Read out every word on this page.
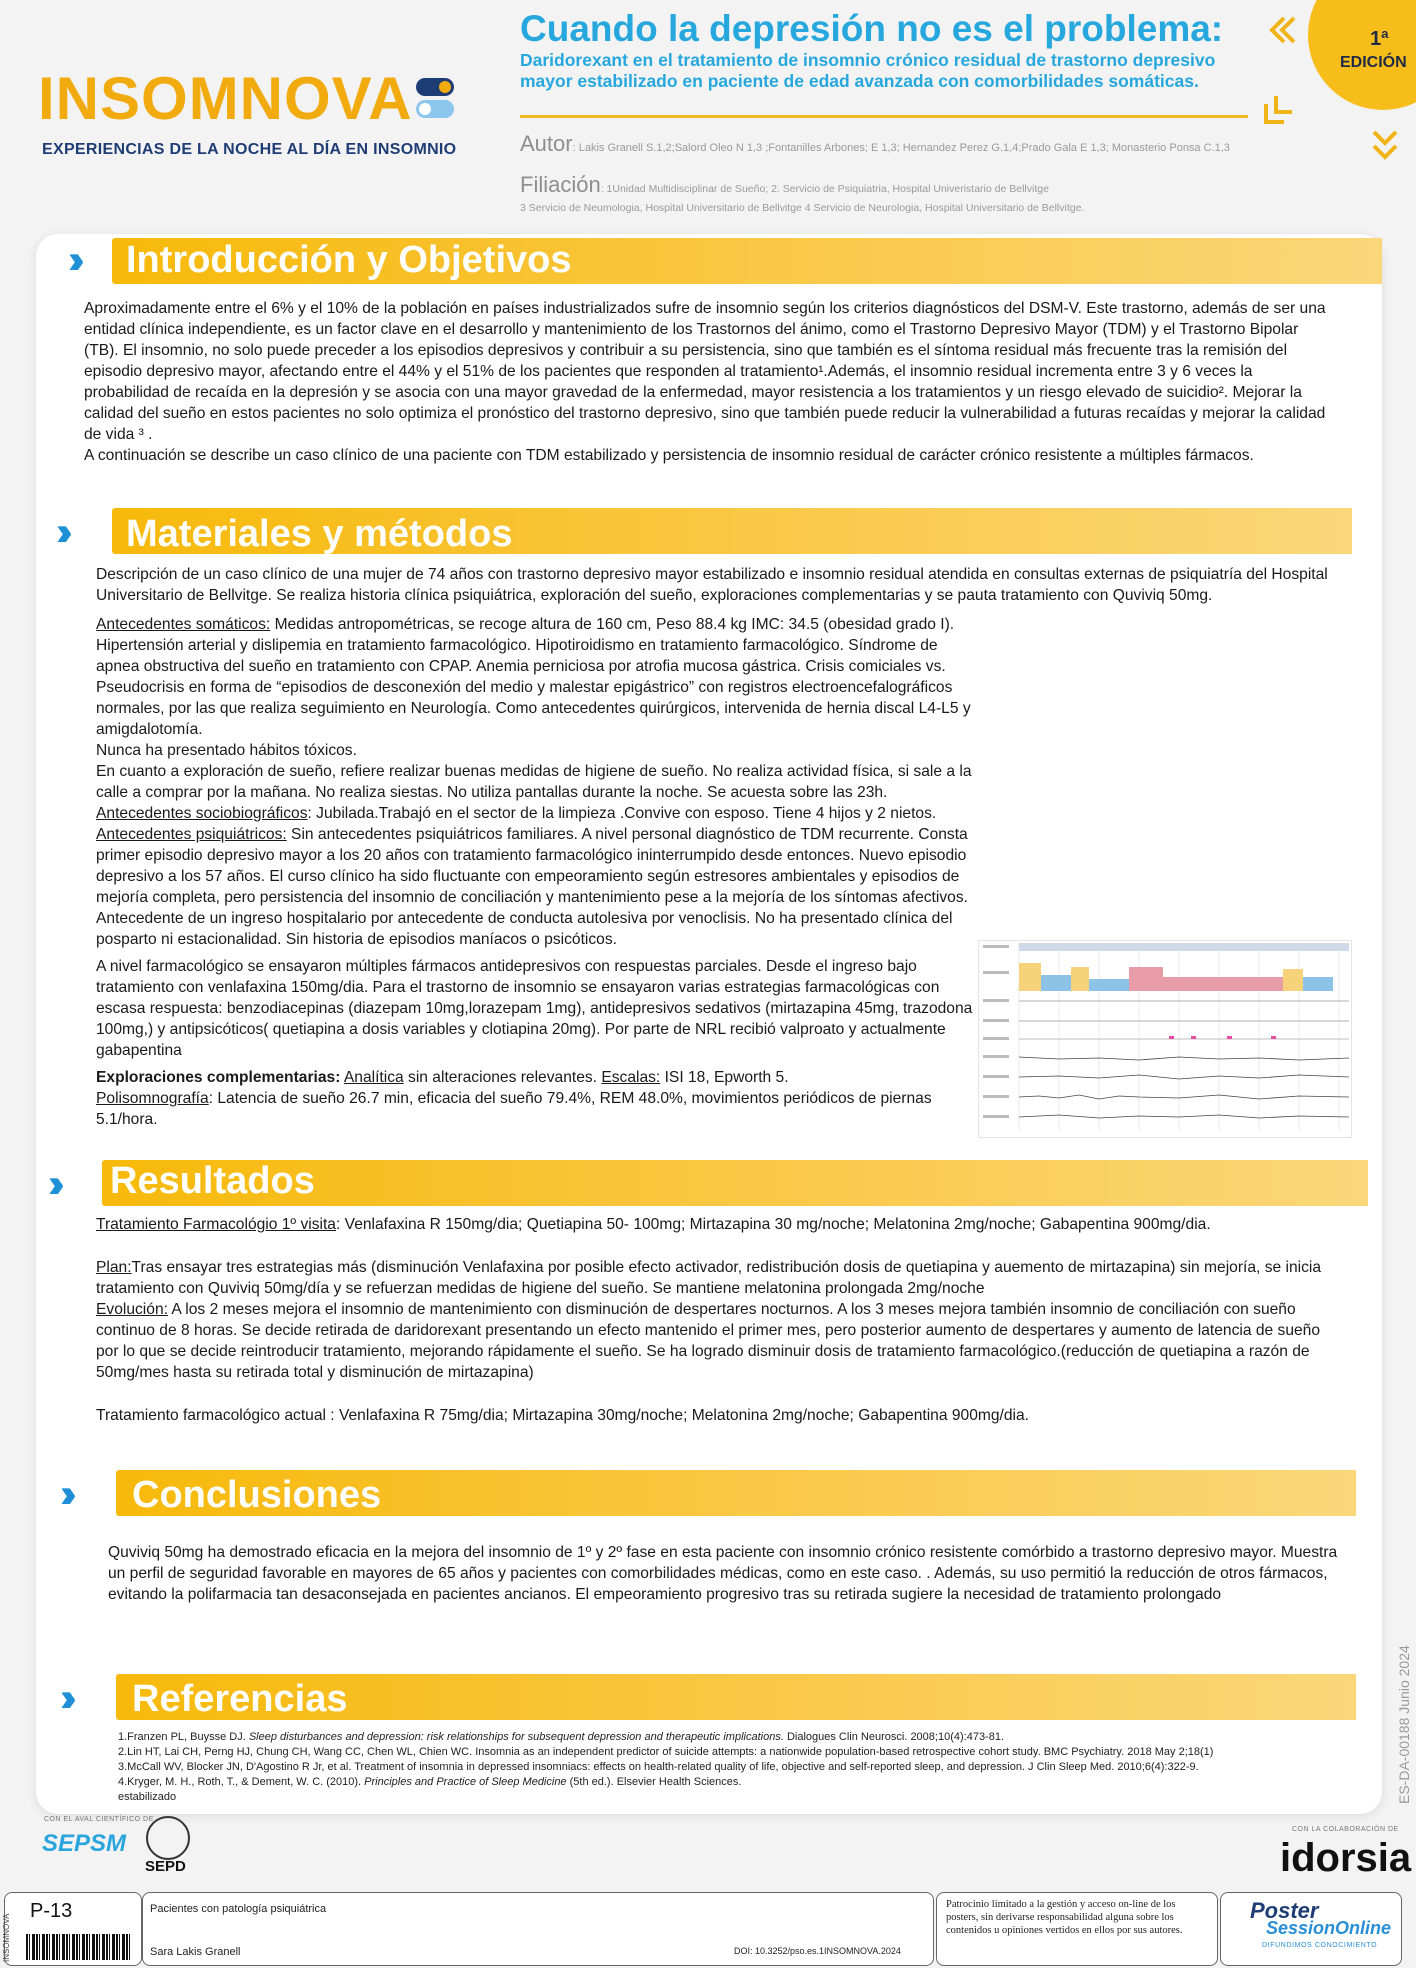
INSOMNOVA
EXPERIENCIAS DE LA NOCHE AL DÍA EN INSOMNIO
Cuando la depresión no es el problema:
Daridorexant en el tratamiento de insomnio crónico residual de trastorno depresivo mayor estabilizado en paciente de edad avanzada con comorbilidades somáticas.
Autor: Lakis Granell S.1,2;Salord Oleo N 1,3 ;Fontanilles Arbones; E 1,3; Hernandez Perez G.1,4;Prado Gala E 1,3; Monasterio Ponsa C.1,3
Filiación: 1Unidad Multidisciplinar de Sueño; 2. Servicio de Psiquiatria, Hospital Univeristario de Bellvitge
3 Servicio de Neumologia, Hospital Universitario de Bellvitge 4 Servicio de Neurologia, Hospital Universitario de Bellvitge.
1ª
EDICIÓN
›› Introducción y Objetivos

Aproximadamente entre el 6% y el 10% de la población en países industrializados sufre de insomnio según los criterios diagnósticos del DSM-V. Este trastorno, además de ser una entidad clínica independiente, es un factor clave en el desarrollo y mantenimiento de los Trastornos del ánimo, como el Trastorno Depresivo Mayor (TDM) y el Trastorno Bipolar (TB). El insomnio, no solo puede preceder a los episodios depresivos y contribuir a su persistencia, sino que también es el síntoma residual más frecuente tras la remisión del episodio depresivo mayor, afectando entre el 44% y el 51% de los pacientes que responden al tratamiento¹.Además, el insomnio residual incrementa entre 3 y 6 veces la probabilidad de recaída en la depresión y se asocia con una mayor gravedad de la enfermedad, mayor resistencia a los tratamientos y un riesgo elevado de suicidio². Mejorar la calidad del sueño en estos pacientes no solo optimiza el pronóstico del trastorno depresivo, sino que también puede reducir la vulnerabilidad a futuras recaídas y mejorar la calidad de vida ³ .

A continuación se describe un caso clínico de una paciente con TDM estabilizado y persistencia de insomnio residual de carácter crónico resistente a múltiples fármacos.

›› Materiales y métodos
Descripción de un caso clínico de una mujer de 74 años con trastorno depresivo mayor estabilizado e insomnio residual atendida en consultas externas de psiquiatría del Hospital Universitario de Bellvitge. Se realiza historia clínica psiquiátrica, exploración del sueño, exploraciones complementarias y se pauta tratamiento con Quviviq 50mg.

Antecedentes somáticos: Medidas antropométricas, se recoge altura de 160 cm, Peso 88.4 kg IMC: 34.5 (obesidad grado I). Hipertensión arterial y dislipemia en tratamiento farmacológico. Hipotiroidismo en tratamiento farmacológico. Síndrome de apnea obstructiva del sueño en tratamiento con CPAP. Anemia perniciosa por atrofia mucosa gástrica. Crisis comiciales vs. Pseudocrisis en forma de “episodios de desconexión del medio y malestar epigástrico” con registros electroencefalográficos normales, por las que realiza seguimiento en Neurología. Como antecedentes quirúrgicos, intervenida de hernia discal L4-L5 y amigdalotomía.

Nunca ha presentado hábitos tóxicos.

En cuanto a exploración de sueño, refiere realizar buenas medidas de higiene de sueño. No realiza actividad física, si sale a la calle a comprar por la mañana. No realiza siestas. No utiliza pantallas durante la noche. Se acuesta sobre las 23h.

Antecedentes sociobiográficos: Jubilada.Trabajó en el sector de la limpieza .Convive con esposo. Tiene 4 hijos y 2 nietos.

Antecedentes psiquiátricos: Sin antecedentes psiquiátricos familiares. A nivel personal diagnóstico de TDM recurrente. Consta primer episodio depresivo mayor a los 20 años con tratamiento farmacológico ininterrumpido desde entonces. Nuevo episodio depresivo a los 57 años. El curso clínico ha sido fluctuante con empeoramiento según estresores ambientales y episodios de mejoría completa, pero persistencia del insomnio de conciliación y mantenimiento pese a la mejoría de los síntomas afectivos. Antecedente de un ingreso hospitalario por antecedente de conducta autolesiva por venoclisis. No ha presentado clínica del posparto ni estacionalidad. Sin historia de episodios maníacos o psicóticos.

A nivel farmacológico se ensayaron múltiples fármacos antidepresivos con respuestas parciales. Desde el ingreso bajo tratamiento con venlafaxina 150mg/dia. Para el trastorno de insomnio se ensayaron varias estrategias farmacológicas con escasa respuesta: benzodiacepinas (diazepam 10mg,lorazepam 1mg), antidepresivos sedativos (mirtazapina 45mg, trazodona 100mg,) y antipsicóticos( quetiapina a dosis variables y clotiapina 20mg). Por parte de NRL recibió valproato y actualmente gabapentina

Exploraciones complementarias: Analítica sin alteraciones relevantes. Escalas: ISI 18, Epworth 5.

Polisomnografía: Latencia de sueño 26.7 min, eficacia del sueño 79.4%, REM 48.0%, movimientos periódicos de piernas 5.1/hora.

›› Resultados

Tratamiento Farmacológio 1º visita: Venlafaxina R 150mg/dia; Quetiapina 50- 100mg; Mirtazapina 30 mg/noche; Melatonina 2mg/noche; Gabapentina 900mg/dia.

Plan:Tras ensayar tres estrategias más (disminución Venlafaxina por posible efecto activador, redistribución dosis de quetiapina y auemento de mirtazapina) sin mejoría, se inicia tratamiento con Quviviq 50mg/día y se refuerzan medidas de higiene del sueño. Se mantiene melatonina prolongada 2mg/noche

Evolución: A los 2 meses mejora el insomnio de mantenimiento con disminución de despertares nocturnos. A los 3 meses mejora también insomnio de conciliación con sueño continuo de 8 horas. Se decide retirada de daridorexant presentando un efecto mantenido el primer mes, pero posterior aumento de despertares y aumento de latencia de sueño por lo que se decide reintroducir tratamiento, mejorando rápidamente el sueño. Se ha logrado disminuir dosis de tratamiento farmacológico.(reducción de quetiapina a razón de 50mg/mes hasta su retirada total y disminución de mirtazapina)

Tratamiento farmacológico actual : Venlafaxina R 75mg/dia; Mirtazapina 30mg/noche; Melatonina 2mg/noche; Gabapentina 900mg/dia.

›› Conclusiones
Quviviq 50mg ha demostrado eficacia en la mejora del insomnio de 1º y 2º fase en esta paciente con insomnio crónico resistente comórbido a trastorno depresivo mayor. Muestra un perfil de seguridad favorable en mayores de 65 años y pacientes con comorbilidades médicas, como en este caso. . Además, su uso permitió la reducción de otros fármacos, evitando la polifarmacia tan desaconsejada en pacientes ancianos. El empeoramiento progresivo tras su retirada sugiere la necesidad de tratamiento prolongado
›› Referencias

1.Franzen PL, Buysse DJ. Sleep disturbances and depression: risk relationships for subsequent depression and therapeutic implications. Dialogues Clin Neurosci. 2008;10(4):473-81.

2.Lin HT, Lai CH, Perng HJ, Chung CH, Wang CC, Chen WL, Chien WC. Insomnia as an independent predictor of suicide attempts: a nationwide population-based retrospective cohort study. BMC Psychiatry. 2018 May 2;18(1)

3.McCall WV, Blocker JN, D'Agostino R Jr, et al. Treatment of insomnia in depressed insomniacs: effects on health-related quality of life, objective and self-reported sleep, and depression. J Clin Sleep Med. 2010;6(4):322-9.

4.Kryger, M. H., Roth, T., & Dement, W. C. (2010). Principles and Practice of Sleep Medicine (5th ed.). Elsevier Health Sciences.

estabilizado	ES-DA-00188 Junio 2024
CON EL AVAL CIENTÍFICO DE
SEPSM
SEPD
CON LA COLABORACIÓN DE
idorsia
INSOMNOVA
P-13	Pacientes con patología psiquiátrica
Sara Lakis Granell	DOI: 10.3252/pso.es.1INSOMNOVA.2024
Patrocinio limitado a la gestión y acceso on-line de los posters, sin derivarse responsabilidad alguna sobre los contenidos u opiniones vertidos en ellos por sus autores.
Poster
SessionOnline
DIFUNDIMOS CONOCIMIENTO
